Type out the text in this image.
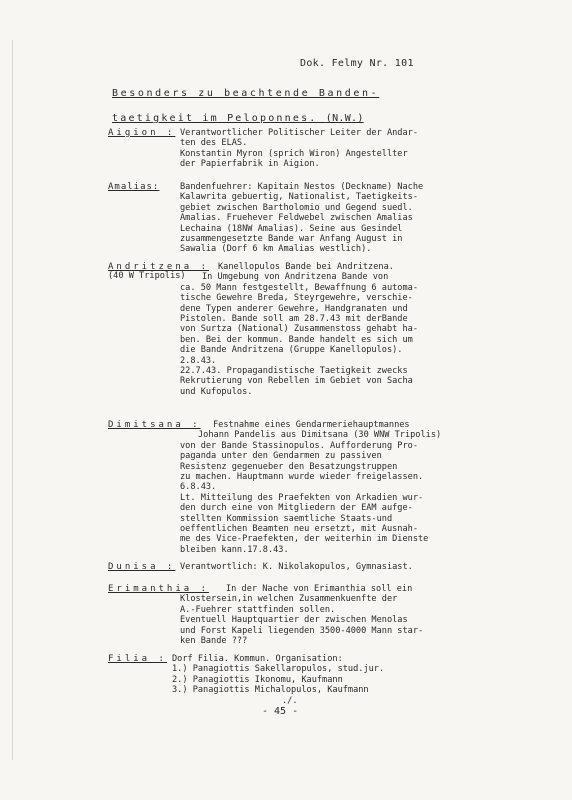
Dok. Felmy Nr. 101
Besonders zu beachtende Banden-
taetigkeit im Peloponnes. (N.W.)
Aigion : Verantwortlicher Politischer Leiter der Andar-
ten des ELAS.
Konstantin Myron (sprich Wiron) Angestellter
der Papierfabrik in Aigion.
Amalias: Bandenfuehrer: Kapitain Nestos (Deckname) Nache
Kalawrita gebuertig, Nationalist, Taetigkeits-
gebiet zwischen Bartholomio und Gegend suedl.
Amalias. Fruehever Feldwebel zwischen Amalias
Lechaina (18NW Amalias). Seine aus Gesindel
zusammengesetzte Bande war Anfang August in
Sawalia (Dorf 6 km Amalias westlich).
Andritzena :
(40 W Tripolis)
Kanellopulos Bande bei Andritzena.
In Umgebung von Andritzena Bande von
ca. 50 Mann festgestellt, Bewaffnung 6 automa-
tische Gewehre Breda, Steyrgewehre, verschie-
dene Typen anderer Gewehre, Handgranaten und
Pistolen. Bande soll am 28.7.43 mit derBande
von Surtza (National) Zusammenstoss gehabt ha-
ben. Bei der kommun. Bande handelt es sich um
die Bande Andritzena (Gruppe Kanellopulos).
2.8.43.
22.7.43. Propagandistische Taetigkeit zwecks
Rekrutierung von Rebellen im Gebiet von Sacha
und Kufopulos.
Dimitsana : Festnahme eines Gendarmeriehauptmannes
Johann Pandelis aus Dimitsana (30 WNW Tripolis)
von der Bande Stassinopulos. Aufforderung Pro-
paganda unter den Gendarmen zu passiven
Resistenz gegenueber den Besatzungstruppen
zu machen. Hauptmann wurde wieder freigelassen.
6.8.43.
Lt. Mitteilung des Praefekten von Arkadien wur-
den durch eine von Mitgliedern der EAM aufge-
stellten Kommission saemtliche Staats-und
oeffentlichen Beamten neu ersetzt, mit Ausnah-
me des Vice-Praefekten, der weiterhin im Dienste
bleiben kann.17.8.43.
Dunisa : Verantwortlich: K. Nikolakopulos, Gymnasiast.
Erimanthia : In der Nache von Erimanthia soll ein
Klostersein,in welchen Zusammenkuenfte der
A.-Fuehrer stattfinden sollen.
Eventuell Hauptquartier der zwischen Menolas
und Forst Kapeli liegenden 3500-4000 Mann star-
ken Bande ???
Filia : Dorf Filia. Kommun. Organisation:
1.) Panagiottis Sakellaropulos, stud.jur.
2.) Panagiottis Ikonomu, Kaufmann
3.) Panagiottis Michalopulos, Kaufmann
./.
- 45 -
